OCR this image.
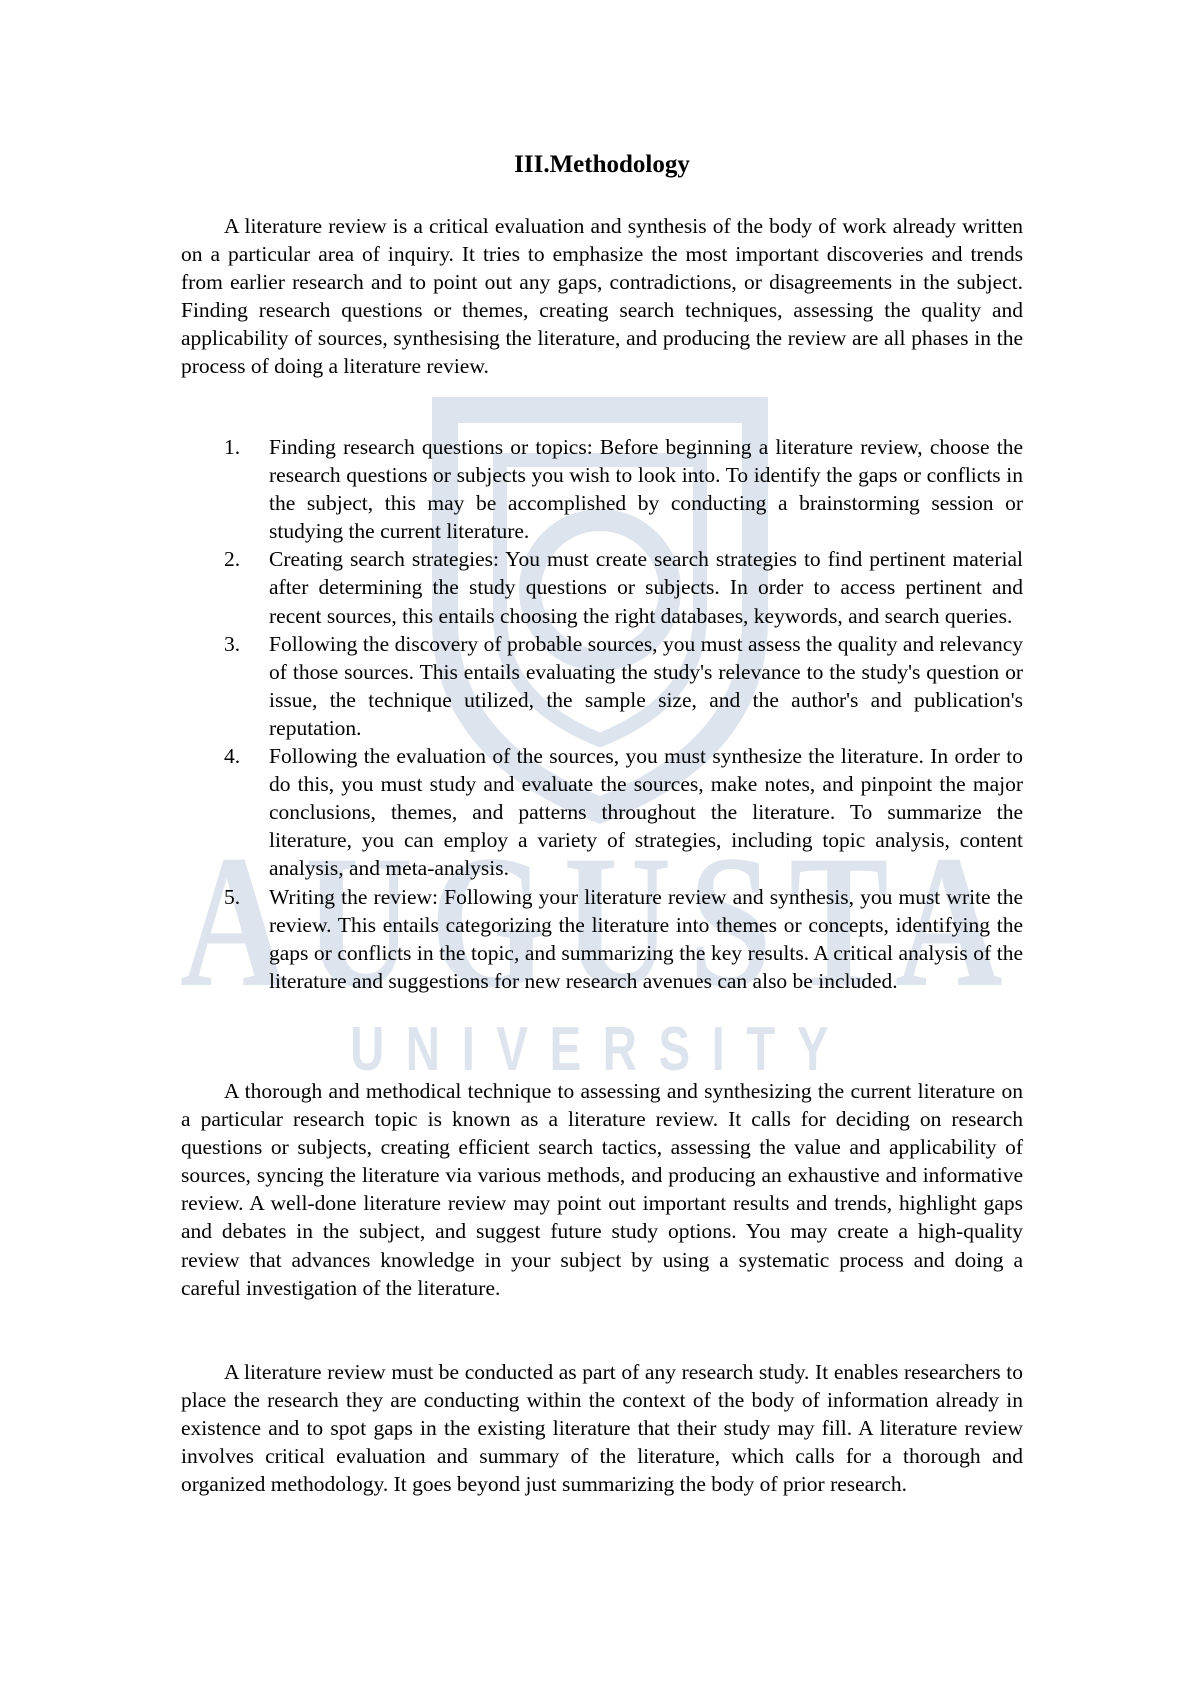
AUGUSTA
UNIVERSITY
III.Methodology

A literature review is a critical evaluation and synthesis of the body of work already written on a particular area of inquiry. It tries to emphasize the most important discoveries and trends from earlier research and to point out any gaps, contradictions, or disagreements in the subject. Finding research questions or themes, creating search techniques, assessing the quality and applicability of sources, synthesising the literature, and producing the review are all phases in the process of doing a literature review.

1. Finding research questions or topics: Before beginning a literature review, choose the research questions or subjects you wish to look into. To identify the gaps or conflicts in the subject, this may be accomplished by conducting a brainstorming session or studying the current literature.
2. Creating search strategies: You must create search strategies to find pertinent material after determining the study questions or subjects. In order to access pertinent and recent sources, this entails choosing the right databases, keywords, and search queries.
3. Following the discovery of probable sources, you must assess the quality and relevancy of those sources. This entails evaluating the study's relevance to the study's question or issue, the technique utilized, the sample size, and the author's and publication's reputation.
4. Following the evaluation of the sources, you must synthesize the literature. In order to do this, you must study and evaluate the sources, make notes, and pinpoint the major conclusions, themes, and patterns throughout the literature. To summarize the literature, you can employ a variety of strategies, including topic analysis, content analysis, and meta-analysis.
5. Writing the review: Following your literature review and synthesis, you must write the review. This entails categorizing the literature into themes or concepts, identifying the gaps or conflicts in the topic, and summarizing the key results. A critical analysis of the literature and suggestions for new research avenues can also be included.

A thorough and methodical technique to assessing and synthesizing the current literature on a particular research topic is known as a literature review. It calls for deciding on research questions or subjects, creating efficient search tactics, assessing the value and applicability of sources, syncing the literature via various methods, and producing an exhaustive and informative review. A well-done literature review may point out important results and trends, highlight gaps and debates in the subject, and suggest future study options. You may create a high-quality review that advances knowledge in your subject by using a systematic process and doing a careful investigation of the literature.

A literature review must be conducted as part of any research study. It enables researchers to place the research they are conducting within the context of the body of information already in existence and to spot gaps in the existing literature that their study may fill. A literature review involves critical evaluation and summary of the literature, which calls for a thorough and organized methodology. It goes beyond just summarizing the body of prior research.
